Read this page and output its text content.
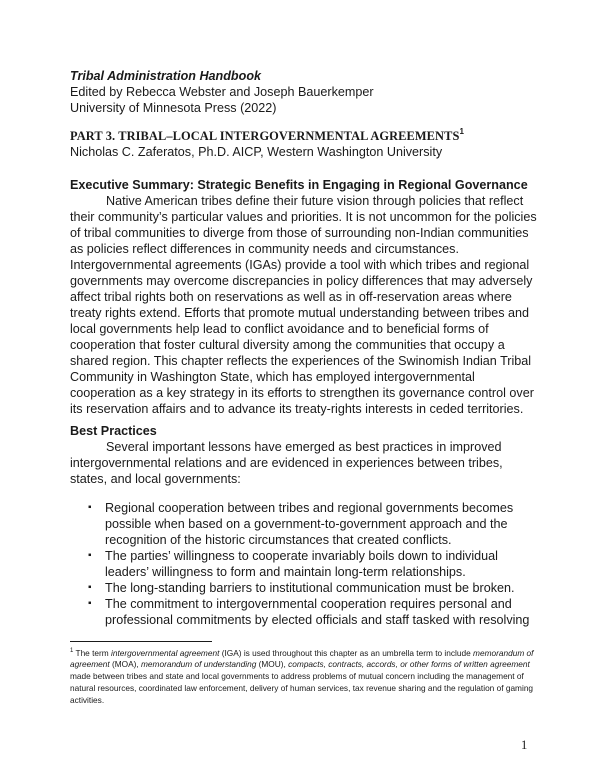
Tribal Administration Handbook
Edited by Rebecca Webster and Joseph Bauerkemper
University of Minnesota Press (2022)
PART 3. TRIBAL–LOCAL INTERGOVERNMENTAL AGREEMENTS$^1$
Nicholas C. Zaferatos, Ph.D. AICP, Western Washington University
Executive Summary: Strategic Benefits in Engaging in Regional Governance

Native American tribes define their future vision through policies that reflect their community’s particular values and priorities. It is not uncommon for the policies of tribal communities to diverge from those of surrounding non-Indian communities as policies reflect differences in community needs and circumstances. Intergovernmental agreements (IGAs) provide a tool with which tribes and regional governments may overcome discrepancies in policy differences that may adversely affect tribal rights both on reservations as well as in off-reservation areas where treaty rights extend. Efforts that promote mutual understanding between tribes and local governments help lead to conflict avoidance and to beneficial forms of cooperation that foster cultural diversity among the communities that occupy a shared region. This chapter reflects the experiences of the Swinomish Indian Tribal Community in Washington State, which has employed intergovernmental cooperation as a key strategy in its efforts to strengthen its governance control over its reservation affairs and to advance its treaty-rights interests in ceded territories.

Best Practices

Several important lessons have emerged as best practices in improved intergovernmental relations and are evidenced in experiences between tribes, states, and local governments:

▪ Regional cooperation between tribes and regional governments becomes possible when based on a government-to-government approach and the recognition of the historic circumstances that created conflicts.
▪ The parties’ willingness to cooperate invariably boils down to individual leaders’ willingness to form and maintain long-term relationships.
▪ The long-standing barriers to institutional communication must be broken.
▪ The commitment to intergovernmental cooperation requires personal and professional commitments by elected officials and staff tasked with resolving
$^1$ The term intergovernmental agreement (IGA) is used throughout this chapter as an umbrella term to include memorandum of agreement (MOA), memorandum of understanding (MOU), compacts, contracts, accords, or other forms of written agreement made between tribes and state and local governments to address problems of mutual concern including the management of natural resources, coordinated law enforcement, delivery of human services, tax revenue sharing and the regulation of gaming activities.
1
